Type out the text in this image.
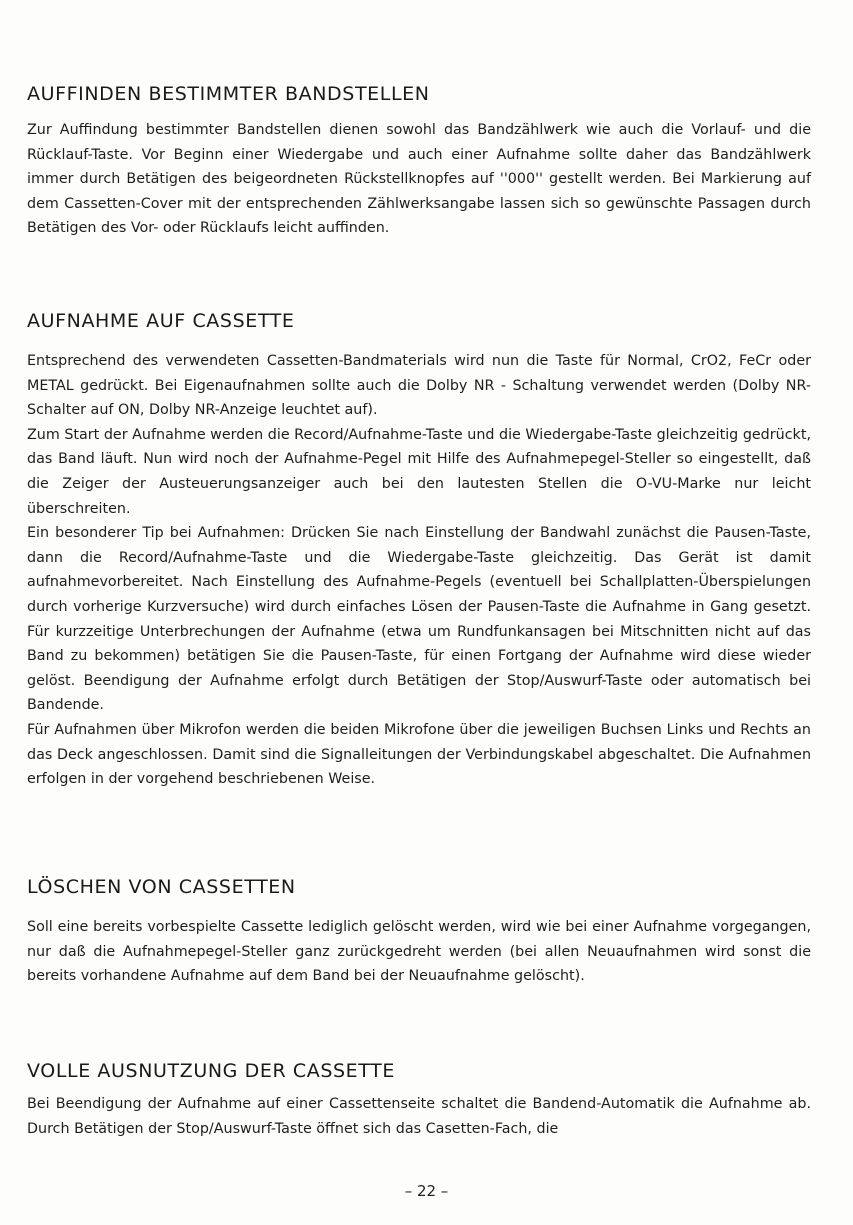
AUFFINDEN BESTIMMTER BANDSTELLEN

Zur Auffindung bestimmter Bandstellen dienen sowohl das Bandzählwerk wie auch die Vorlauf- und die Rücklauf-Taste. Vor Beginn einer Wiedergabe und auch einer Aufnahme sollte daher das Bandzählwerk immer durch Betätigen des beigeordneten Rückstellknopfes auf ''000'' gestellt werden. Bei Markierung auf dem Cassetten-Cover mit der entsprechenden Zählwerksangabe lassen sich so gewünschte Passagen durch Betätigen des Vor- oder Rücklaufs leicht auffinden.

AUFNAHME AUF CASSETTE

Entsprechend des verwendeten Cassetten-Bandmaterials wird nun die Taste für Normal, CrO2, FeCr oder METAL gedrückt. Bei Eigenaufnahmen sollte auch die Dolby NR - Schaltung verwendet werden (Dolby NR-Schalter auf ON, Dolby NR-Anzeige leuchtet auf).

Zum Start der Aufnahme werden die Record/Aufnahme-Taste und die Wiedergabe-Taste gleichzeitig gedrückt, das Band läuft. Nun wird noch der Aufnahme-Pegel mit Hilfe des Aufnahmepegel-Steller so eingestellt, daß die Zeiger der Austeuerungsanzeiger auch bei den lautesten Stellen die O-VU-Marke nur leicht überschreiten.

Ein besonderer Tip bei Aufnahmen: Drücken Sie nach Einstellung der Bandwahl zunächst die Pausen-Taste, dann die Record/Aufnahme-Taste und die Wiedergabe-Taste gleichzeitig. Das Gerät ist damit aufnahmevorbereitet. Nach Einstellung des Aufnahme-Pegels (eventuell bei Schallplatten-Überspielungen durch vorherige Kurzversuche) wird durch einfaches Lösen der Pausen-Taste die Aufnahme in Gang gesetzt. Für kurzzeitige Unterbrechungen der Aufnahme (etwa um Rundfunkansagen bei Mitschnitten nicht auf das Band zu bekommen) betätigen Sie die Pausen-Taste, für einen Fortgang der Aufnahme wird diese wieder gelöst. Beendigung der Aufnahme erfolgt durch Betätigen der Stop/Auswurf-Taste oder automatisch bei Bandende.

Für Aufnahmen über Mikrofon werden die beiden Mikrofone über die jeweiligen Buchsen Links und Rechts an das Deck angeschlossen. Damit sind die Signalleitungen der Verbindungskabel abgeschaltet. Die Aufnahmen erfolgen in der vorgehend beschriebenen Weise.

LÖSCHEN VON CASSETTEN

Soll eine bereits vorbespielte Cassette lediglich gelöscht werden, wird wie bei einer Aufnahme vorgegangen, nur daß die Aufnahmepegel-Steller ganz zurückgedreht werden (bei allen Neuaufnahmen wird sonst die bereits vorhandene Aufnahme auf dem Band bei der Neuaufnahme gelöscht).

VOLLE AUSNUTZUNG DER CASSETTE

Bei Beendigung der Aufnahme auf einer Cassettenseite schaltet die Bandend-Automatik die Aufnahme ab. Durch Betätigen der Stop/Auswurf-Taste öffnet sich das Casetten-Fach, die

– 22 –
